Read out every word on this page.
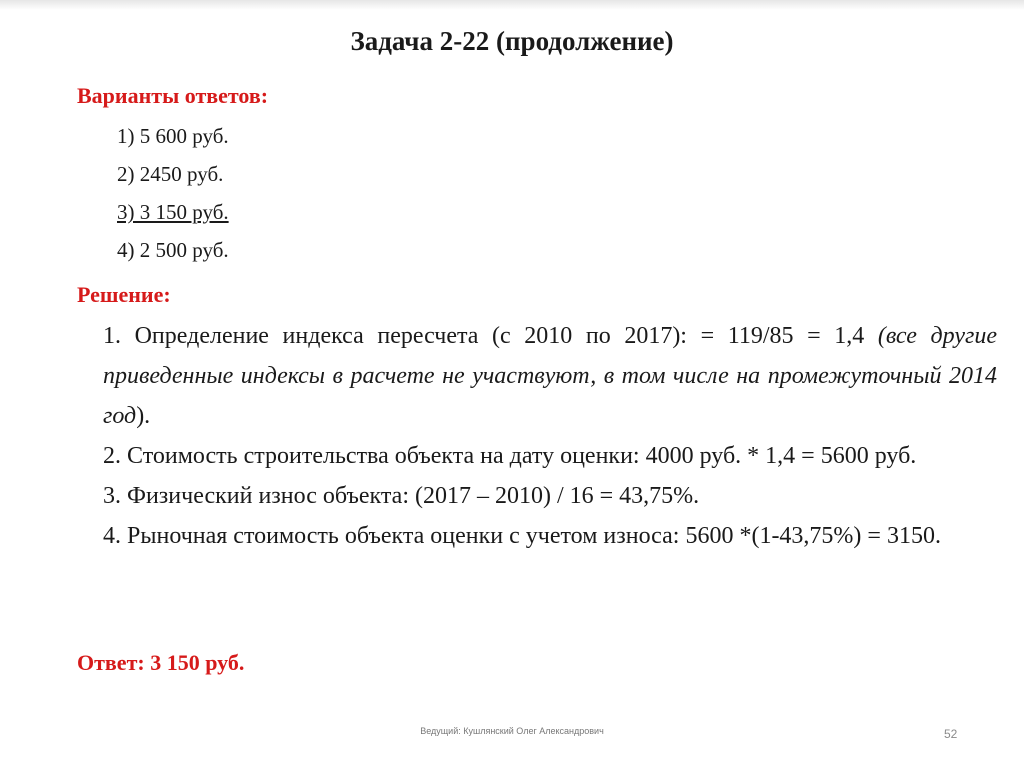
Задача 2-22 (продолжение)
Варианты ответов:
1) 5 600 руб.
2) 2450 руб.
3) 3 150 руб.
4) 2 500 руб.
Решение:

1. Определение индекса пересчета (с 2010 по 2017): = 119/85 = 1,4 (все другие приведенные индексы в расчете не участвуют, в том числе на промежуточный 2014 год).

2. Стоимость строительства объекта на дату оценки: 4000 руб. * 1,4 = 5600 руб.

3. Физический износ объекта: (2017 – 2010) / 16 = 43,75%.

4. Рыночная стоимость объекта оценки с учетом износа: 5600 *(1-43,75%) = 3150.

Ответ: 3 150 руб.
Ведущий: Кушлянский Олег Александрович	52
